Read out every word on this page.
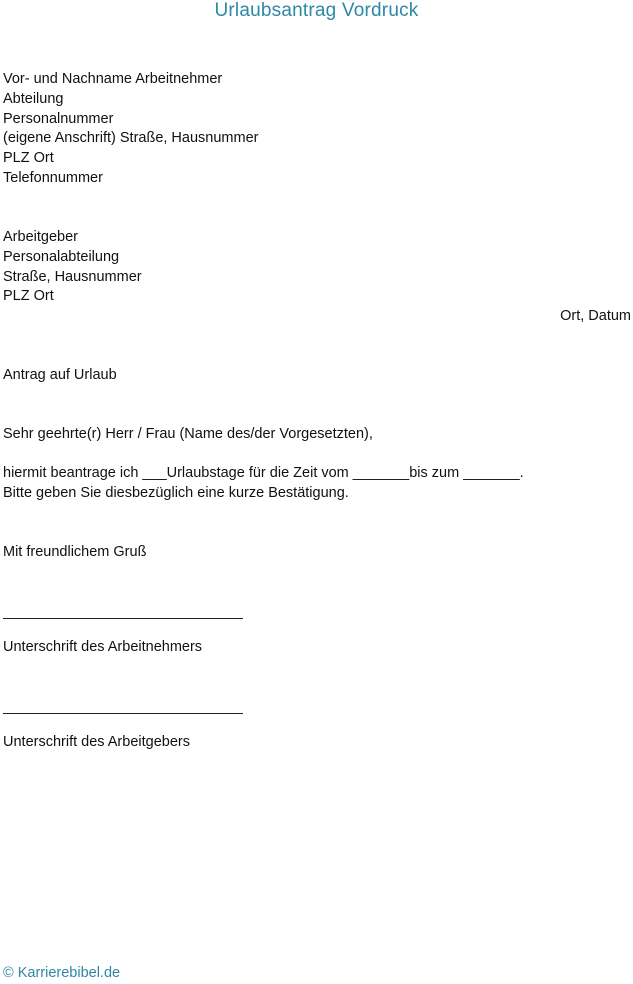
Urlaubsantrag Vordruck
Vor- und Nachname Arbeitnehmer
Abteilung
Personalnummer
(eigene Anschrift) Straße, Hausnummer
PLZ Ort
Telefonnummer
Arbeitgeber
Personalabteilung
Straße, Hausnummer
PLZ Ort
Ort, Datum
Antrag auf Urlaub
Sehr geehrte(r) Herr / Frau (Name des/der Vorgesetzten),
hiermit beantrage ich ___Urlaubstage für die Zeit vom _______bis zum _______.
Bitte geben Sie diesbezüglich eine kurze Bestätigung.
Mit freundlichem Gruß
Unterschrift des Arbeitnehmers
Unterschrift des Arbeitgebers
© Karrierebibel.de
